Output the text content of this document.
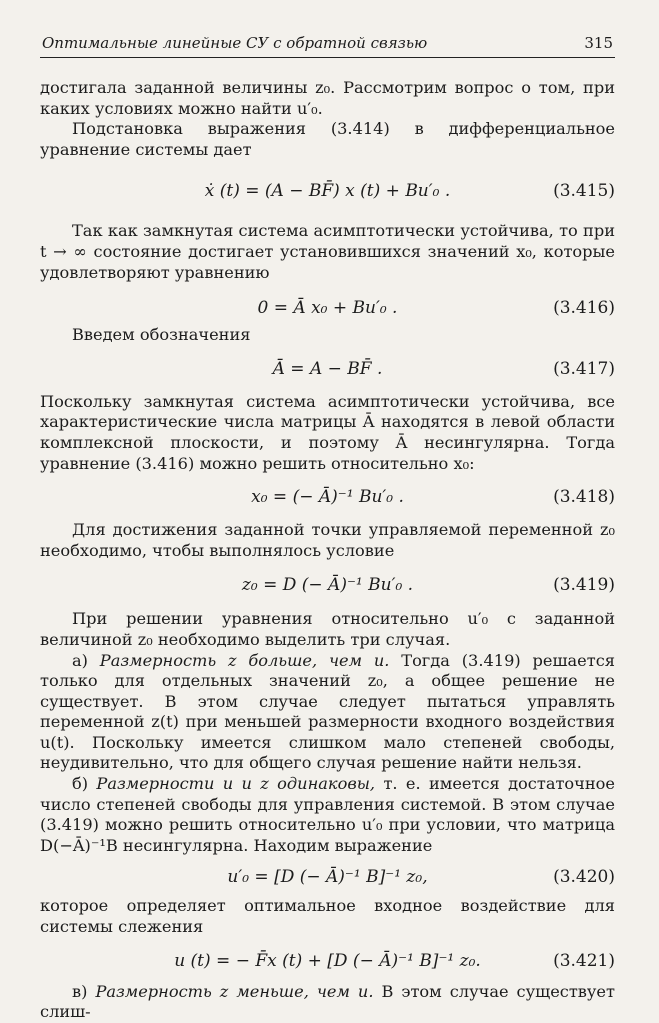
Оптимальные линейные СУ с обратной связью	315

достигала заданной величины z₀. Рассмотрим вопрос о том, при каких условиях можно найти u′₀.

Подстановка выражения (3.414) в дифференциальное уравнение системы дает

ẋ (t) = (A − BF̄) x (t) + Bu′₀ .	(3.415)

Так как замкнутая система асимптотически устойчива, то при t → ∞ состояние достигает установившихся значений x₀, которые удовлетворяют уравнению

0 = Ā x₀ + Bu′₀ .	(3.416)

Введем обозначения

Ā = A − BF̄ .	(3.417)

Поскольку замкнутая система асимптотически устойчива, все характеристические числа матрицы Ā находятся в левой области комплексной плоскости, и поэтому Ā несингулярна. Тогда уравнение (3.416) можно решить относительно x₀:

x₀ = (− Ā)⁻¹ Bu′₀ .	(3.418)

Для достижения заданной точки управляемой переменной z₀ необходимо, чтобы выполнялось условие

z₀ = D (− Ā)⁻¹ Bu′₀ .	(3.419)

При решении уравнения относительно u′₀ с заданной величиной z₀ необходимо выделить три случая.

а) Размерность z больше, чем u. Тогда (3.419) решается только для отдельных значений z₀, а общее решение не существует. В этом случае следует пытаться управлять переменной z(t) при меньшей размерности входного воздействия u(t). Поскольку имеется слишком мало степеней свободы, неудивительно, что для общего случая решение найти нельзя.

б) Размерности u и z одинаковы, т. е. имеется достаточное число степеней свободы для управления системой. В этом случае (3.419) можно решить относительно u′₀ при условии, что матрица D(−Ā)⁻¹B несингулярна. Находим выражение

u′₀ = [D (− Ā)⁻¹ B]⁻¹ z₀,	(3.420)

которое определяет оптимальное входное воздействие для системы слежения

u (t) = − F̄x (t) + [D (− Ā)⁻¹ B]⁻¹ z₀.	(3.421)

в) Размерность z меньше, чем u. В этом случае существует слиш-
